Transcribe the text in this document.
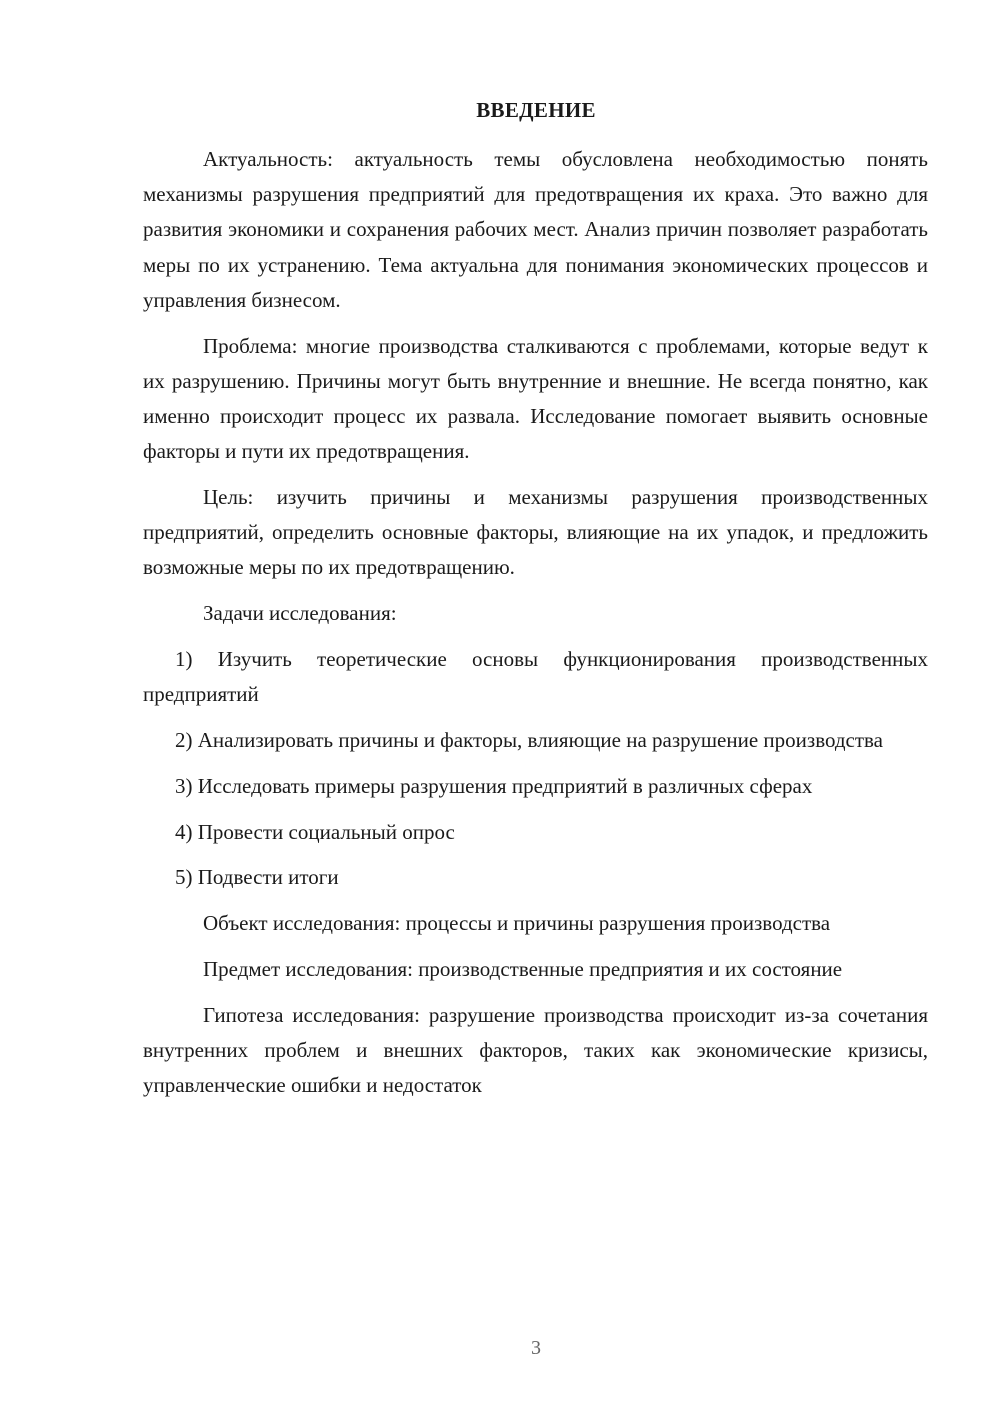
ВВЕДЕНИЕ

Актуальность: актуальность темы обусловлена необходимостью понять механизмы разрушения предприятий для предотвращения их краха. Это важно для развития экономики и сохранения рабочих мест. Анализ причин позволяет разработать меры по их устранению. Тема актуальна для понимания экономических процессов и управления бизнесом.

Проблема: многие производства сталкиваются с проблемами, которые ведут к их разрушению. Причины могут быть внутренние и внешние. Не всегда понятно, как именно происходит процесс их развала. Исследование помогает выявить основные факторы и пути их предотвращения.

Цель: изучить причины и механизмы разрушения производственных предприятий, определить основные факторы, влияющие на их упадок, и предложить возможные меры по их предотвращению.

Задачи исследования:

1) Изучить теоретические основы функционирования производственных предприятий

2) Анализировать причины и факторы, влияющие на разрушение производства

3) Исследовать примеры разрушения предприятий в различных сферах

4) Провести социальный опрос

5) Подвести итоги

Объект исследования: процессы и причины разрушения производства

Предмет исследования: производственные предприятия и их состояние

Гипотеза исследования: разрушение производства происходит из-за сочетания внутренних проблем и внешних факторов, таких как экономические кризисы, управленческие ошибки и недостаток

3
